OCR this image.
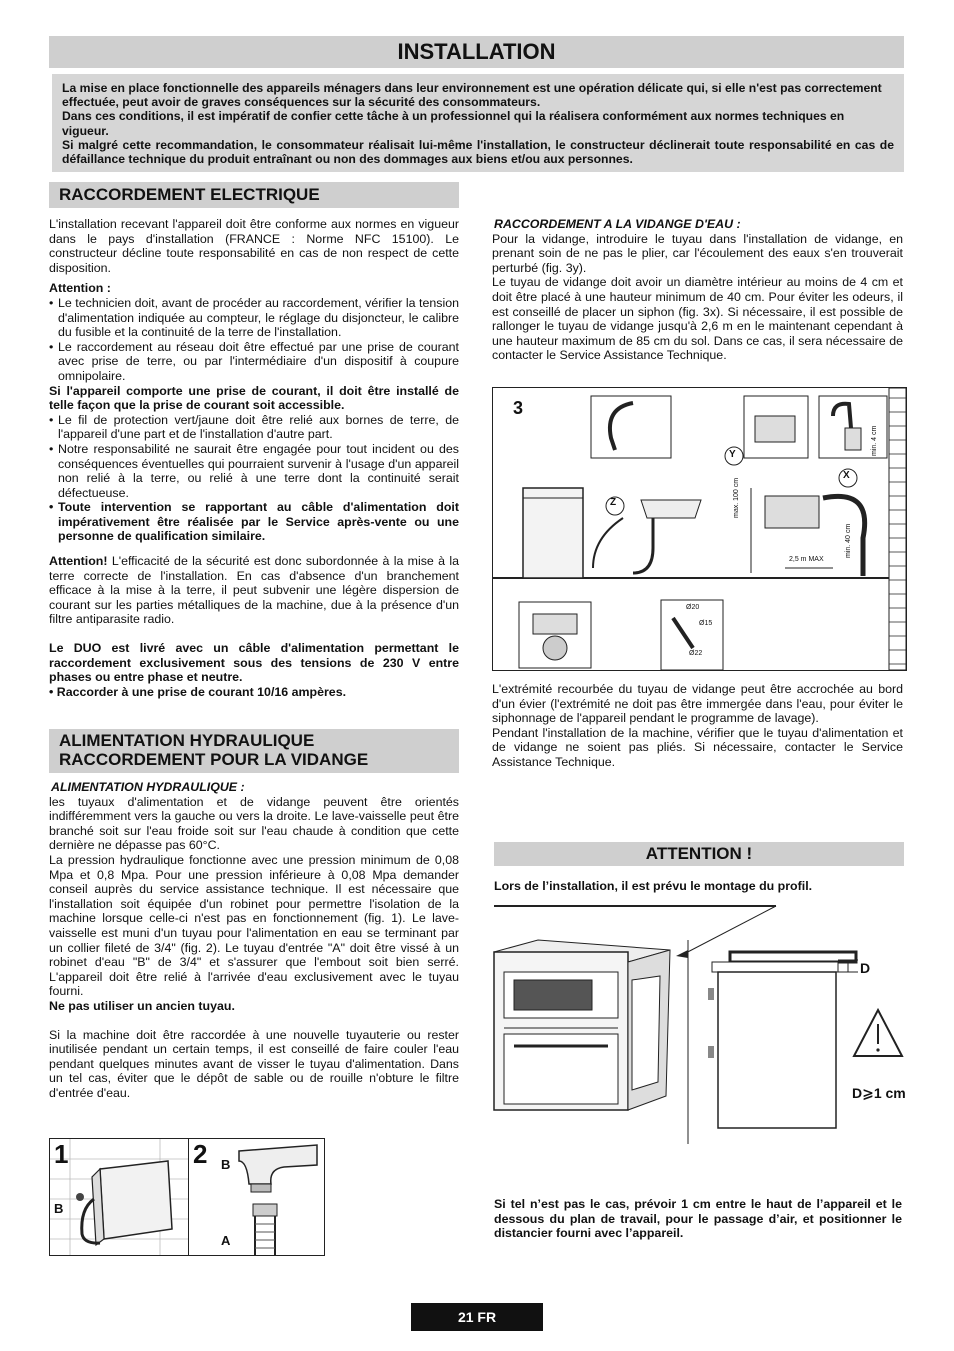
INSTALLATION

La mise en place fonctionnelle des appareils ménagers dans leur environnement est une opération délicate qui, si elle n'est pas correctement effectuée, peut avoir de graves conséquences sur la sécurité des consommateurs.

Dans ces conditions, il est impératif de confier cette tâche à un professionnel qui la réalisera conformément aux normes techniques en vigueur.

Si malgré cette recommandation, le consommateur réalisait lui-même l'installation, le constructeur déclinerait toute responsabilité en cas de défaillance technique du produit entraînant ou non des dommages aux biens et/ou aux personnes.

RACCORDEMENT ELECTRIQUE

L'installation recevant l'appareil doit être conforme aux normes en vigueur dans le pays d'installation (FRANCE : Norme NFC 15100). Le constructeur décline toute responsabilité en cas de non respect de cette disposition.

Attention :

• Le technicien doit, avant de procéder au raccordement, vérifier la tension d'alimentation indiquée au compteur, le réglage du disjoncteur, le calibre du fusible et la continuité de la terre de l'installation.
• Le raccordement au réseau doit être effectué par une prise de courant avec prise de terre, ou par l'intermédiaire d'un dispositif à coupure omnipolaire.

Si l'appareil comporte une prise de courant, il doit être installé de telle façon que la prise de courant soit accessible.

• Le fil de protection vert/jaune doit être relié aux bornes de terre, de l'appareil d'une part et de l'installation d'autre part.
• Notre responsabilité ne saurait être engagée pour tout incident ou des conséquences éventuelles qui pourraient survenir à l'usage d'un appareil non relié à la terre, ou relié à une terre dont la continuité serait défectueuse.
• Toute intervention se rapportant au câble d'alimentation doit impérativement être réalisée par le Service après-vente ou une personne de qualification similaire.

Attention! L'efficacité de la sécurité est donc subordonnée à la mise à la terre correcte de l'installation. En cas d'absence d'un branchement efficace à la mise à la terre, il peut subvenir une légère dispersion de courant sur les parties métalliques de la machine, due à la présence d'un filtre antiparasite radio.

Le DUO est livré avec un câble d'alimentation permettant le raccordement exclusivement sous des tensions de 230 V entre phases ou entre phase et neutre.

• Raccorder à une prise de courant 10/16 ampères.

ALIMENTATION HYDRAULIQUE
RACCORDEMENT POUR LA VIDANGE

ALIMENTATION HYDRAULIQUE :

les tuyaux d'alimentation et de vidange peuvent être orientés indifféremment vers la gauche ou vers la droite. Le lave-vaisselle peut être branché soit sur l'eau froide soit sur l'eau chaude à condition que cette dernière ne dépasse pas 60°C.

La pression hydraulique fonctionne avec une pression minimum de 0,08 Mpa et 0,8 Mpa. Pour une pression inférieure à 0,08 Mpa demander conseil auprès du service assistance technique. Il est nécessaire que l'installation soit équipée d'un robinet pour permettre l'isolation de la machine lorsque celle-ci n'est pas en fonctionnement (fig. 1). Le lave-vaisselle est muni d'un tuyau pour l'alimentation en eau se terminant par un collier fileté de 3/4" (fig. 2). Le tuyau d'entrée "A" doit être vissé à un robinet d'eau "B" de 3/4" et s'assurer que l'embout soit bien serré. L'appareil doit être relié à l'arrivée d'eau exclusivement avec le tuyau fourni.

Ne pas utiliser un ancien tuyau.

Si la machine doit être raccordée à une nouvelle tuyauterie ou rester inutilisée pendant un certain temps, il est conseillé de faire couler l'eau pendant quelques minutes avant de visser le tuyau d'alimentation. Dans un tel cas, éviter que le dépôt de sable ou de rouille n'obture le filtre d'entrée d'eau.

1
B
2 B
A

RACCORDEMENT A LA VIDANGE D'EAU :

Pour la vidange, introduire le tuyau dans l'installation de vidange, en prenant soin de ne pas le plier, car l'écoulement des eaux s'en trouverait perturbé (fig. 3y).

Le tuyau de vidange doit avoir un diamètre intérieur au moins de 4 cm et doit être placé à une hauteur minimum de 40 cm. Pour éviter les odeurs, il est conseillé de placer un siphon (fig. 3x). Si nécessaire, il est possible de rallonger le tuyau de vidange jusqu'à 2,6 m en le maintenant cependant à une hauteur maximum de 85 cm du sol. Dans ce cas, il sera nécessaire de contacter le Service Assistance Technique.

3
Z
Y
X
max. 100 cm
min. 40 cm
2,5 m MAX
min. 4 cm
Ø20
Ø15
Ø22

L'extrémité recourbée du tuyau de vidange peut être accrochée au bord d'un évier (l'extrémité ne doit pas être immergée dans l'eau, pour éviter le siphonnage de l'appareil pendant le programme de lavage).

Pendant l'installation de la machine, vérifier que le tuyau d'alimentation et de vidange ne soient pas pliés. Si nécessaire, contacter le Service Assistance Technique.

ATTENTION !
Lors de l’installation, il est prévu le montage du profil.
D
D⩾1 cm
Si tel n’est pas le cas, prévoir 1 cm entre le haut de l’appareil et le dessous du plan de travail, pour le passage d’air, et positionner le distancier fourni avec l’appareil.
21 FR
